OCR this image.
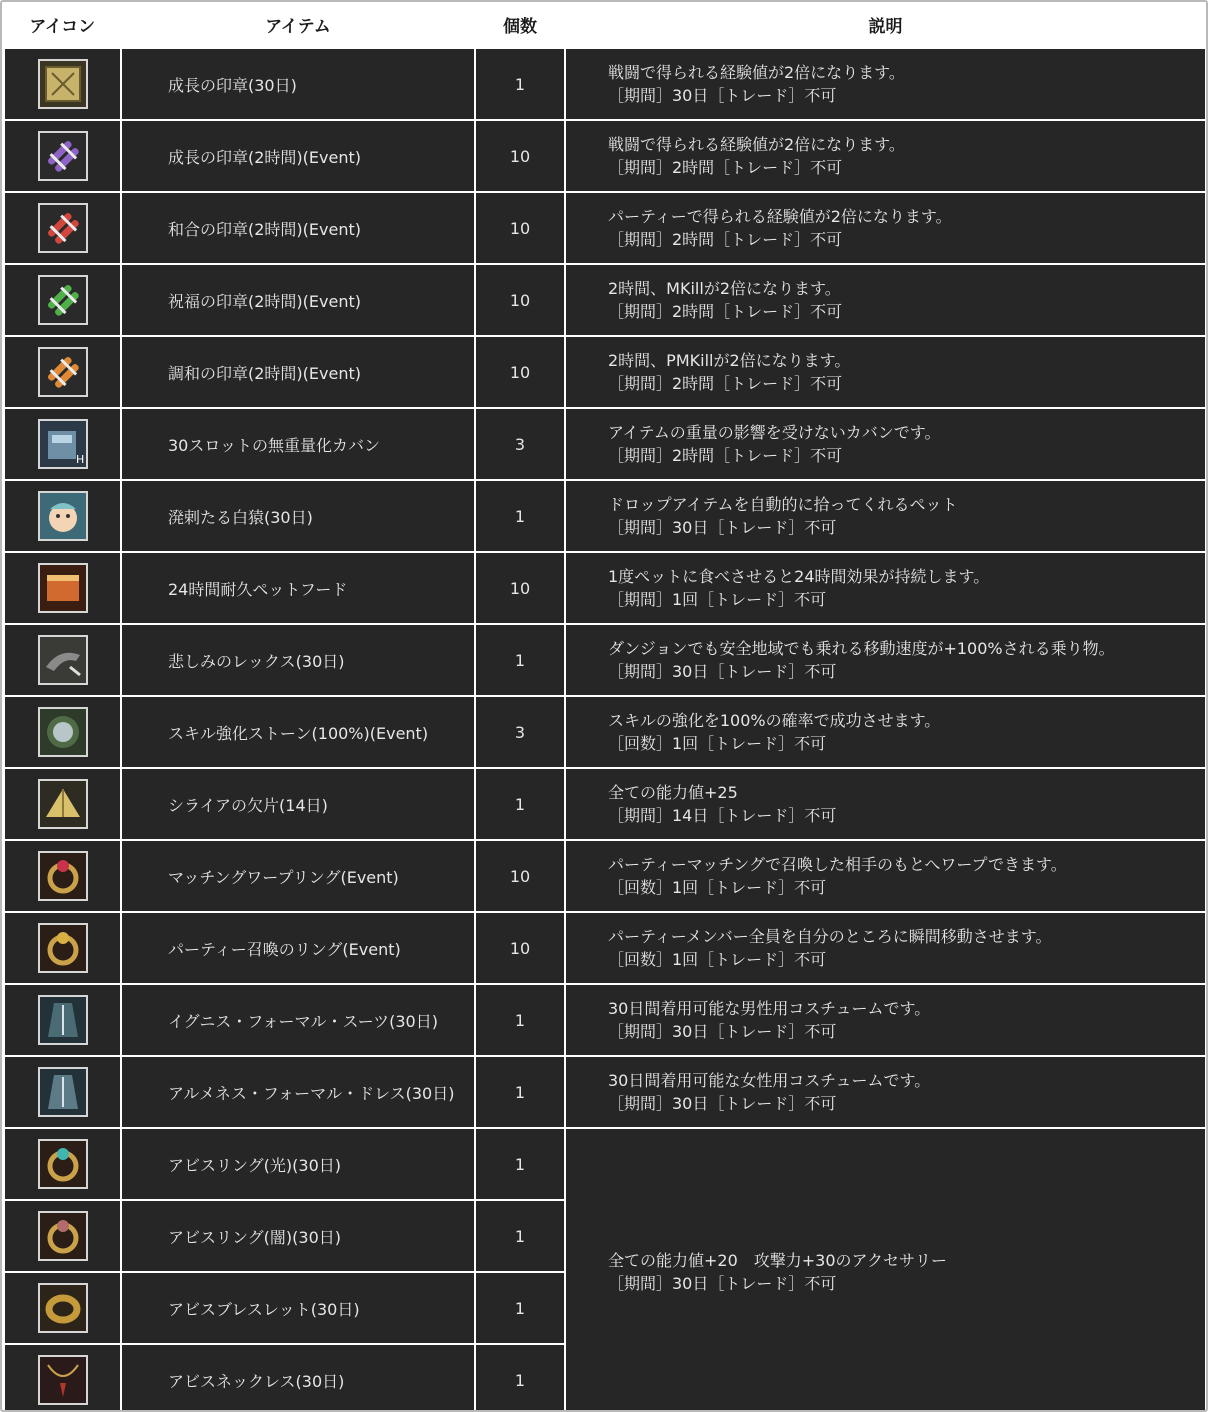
アイコン	アイテム	個数	説明

	成長の印章(30日)	1	戦闘で得られる経験値が2倍になります。
［期間］30日［トレード］不可

	成長の印章(2時間)(Event)	10	戦闘で得られる経験値が2倍になります。
［期間］2時間［トレード］不可

	和合の印章(2時間)(Event)	10	パーティーで得られる経験値が2倍になります。
［期間］2時間［トレード］不可

	祝福の印章(2時間)(Event)	10	2時間、MKillが2倍になります。
［期間］2時間［トレード］不可

	調和の印章(2時間)(Event)	10	2時間、PMKillが2倍になります。
［期間］2時間［トレード］不可

H	30スロットの無重量化カバン	3	アイテムの重量の影響を受けないカバンです。
［期間］2時間［トレード］不可

	溌剌たる白猿(30日)	1	ドロップアイテムを自動的に拾ってくれるペット
［期間］30日［トレード］不可

	24時間耐久ペットフード	10	1度ペットに食べさせると24時間効果が持続します。
［期間］1回［トレード］不可

	悲しみのレックス(30日)	1	ダンジョンでも安全地域でも乗れる移動速度が+100%される乗り物。
［期間］30日［トレード］不可

	スキル強化ストーン(100%)(Event)	3	スキルの強化を100%の確率で成功させます。
［回数］1回［トレード］不可

	シライアの欠片(14日)	1	全ての能力値+25
［期間］14日［トレード］不可

	マッチングワープリング(Event)	10	パーティーマッチングで召喚した相手のもとへワープできます。
［回数］1回［トレード］不可

	パーティー召喚のリング(Event)	10	パーティーメンバー全員を自分のところに瞬間移動させます。
［回数］1回［トレード］不可

	イグニス・フォーマル・スーツ(30日)	1	30日間着用可能な男性用コスチュームです。
［期間］30日［トレード］不可

	アルメネス・フォーマル・ドレス(30日)	1	30日間着用可能な女性用コスチュームです。
［期間］30日［トレード］不可

	アビスリング(光)(30日)	1	全ての能力値+20　攻撃力+30のアクセサリー
［期間］30日［トレード］不可

	アビスリング(闇)(30日)	1	

	アビスブレスレット(30日)	1	

	アビスネックレス(30日)	1	
